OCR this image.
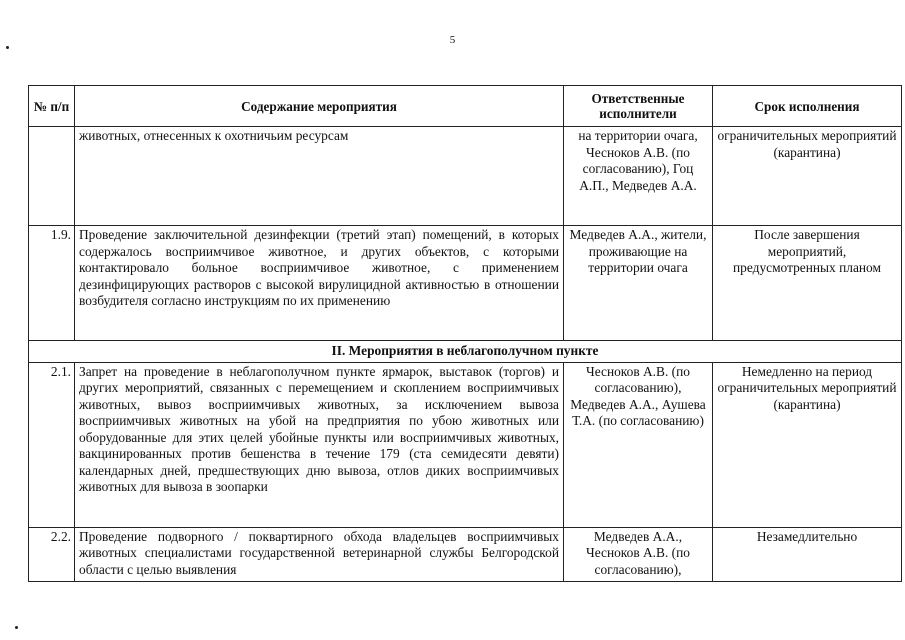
5
№ п/п	Содержание мероприятия	Ответственные исполнители	Срок исполнения
	животных, отнесенных к охотничьим ресурсам	на территории очага, Чесноков А.В. (по согласованию), Гоц А.П., Медведев А.А.	ограничительных мероприятий (карантина)
1.9.	Проведение заключительной дезинфекции (третий этап) помещений, в которых содержалось восприимчивое животное, и других объектов, с которыми контактировало больное восприимчивое животное, с применением дезинфицирующих растворов с высокой вирулицидной активностью в отношении возбудителя согласно инструкциям по их применению	Медведев А.А., жители, проживающие на территории очага	После завершения мероприятий, предусмотренных планом
II. Мероприятия в неблагополучном пункте			
2.1.	Запрет на проведение в неблагополучном пункте ярмарок, выставок (торгов) и других мероприятий, связанных с перемещением и скоплением восприимчивых животных, вывоз восприимчивых животных, за исключением вывоза восприимчивых животных на убой на предприятия по убою животных или оборудованные для этих целей убойные пункты или восприимчивых животных, вакцинированных против бешенства в течение 179 (ста семидесяти девяти) календарных дней, предшествующих дню вывоза, отлов диких восприимчивых животных для вывоза в зоопарки	Чесноков А.В. (по согласованию), Медведев А.А., Аушева Т.А. (по согласованию)	Немедленно на период ограничительных мероприятий (карантина)
2.2.	Проведение подворного / поквартирного обхода владельцев восприимчивых животных специалистами государственной ветеринарной службы Белгородской области с целью выявления	Медведев А.А., Чесноков А.В. (по согласованию),	Незамедлительно
